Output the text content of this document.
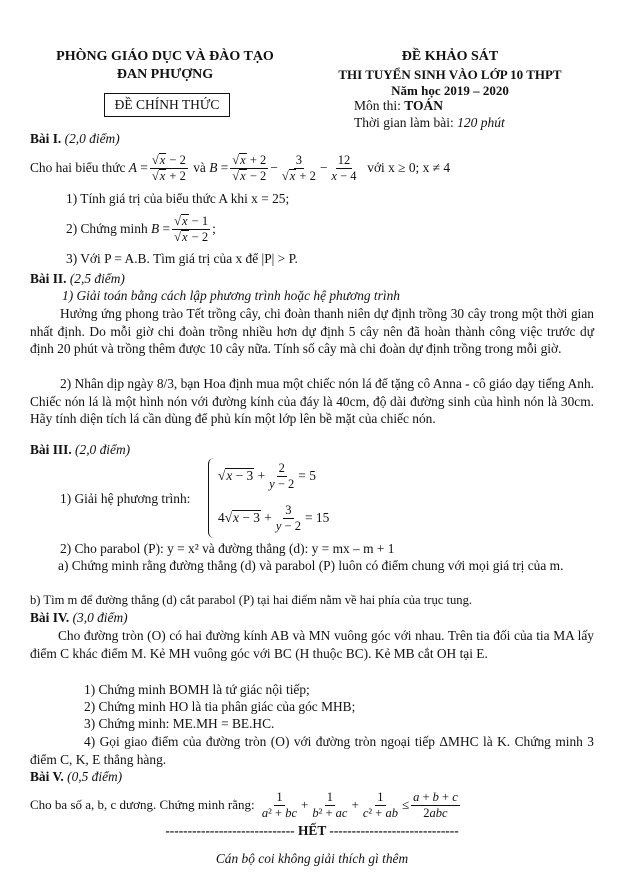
PHÒNG GIÁO DỤC VÀ ĐÀO TẠO
ĐAN PHƯỢNG
ĐỀ CHÍNH THỨC
ĐỀ KHẢO SÁT
THI TUYỂN SINH VÀO LỚP 10 THPT
Năm học 2019 – 2020
Môn thi: TOÁN
Thời gian làm bài: 120 phút
Bài I. (2,0 điểm)
Cho hai biểu thức
$A = \frac{√x - 2}{√x + 2}$ và $B = \frac{√x + 2}{√x - 2} - \frac{3}{√x + 2} - \frac{12}{x - 4}$
với x ≥ 0; x ≠ 4
1) Tính giá trị của biểu thức A khi x = 25;
2) Chứng minh
$B = \frac{√x - 1}{√x - 2}$ ;
3) Với P = A.B. Tìm giá trị của x để |P| > P.
Bài II. (2,5 điểm)
1) Giải toán bằng cách lập phương trình hoặc hệ phương trình
Hưởng ứng phong trào Tết trồng cây, chi đoàn thanh niên dự định trồng 30 cây trong một thời gian nhất định. Do mỗi giờ chi đoàn trồng nhiều hơn dự định 5 cây nên đã hoàn thành công việc trước dự định 20 phút và trồng thêm được 10 cây nữa. Tính số cây mà chi đoàn dự định trồng trong mỗi giờ.
2) Nhân dịp ngày 8/3, bạn Hoa định mua một chiếc nón lá để tặng cô Anna - cô giáo dạy tiếng Anh. Chiếc nón lá là một hình nón với đường kính của đáy là 40cm, độ dài đường sinh của hình nón là 30cm. Hãy tính diện tích lá cần dùng để phủ kín một lớp lên bề mặt của chiếc nón.
Bài III. (2,0 điểm)
1) Giải hệ phương trình:
√ $x - 3 + \frac{2}{y - 2} = 5$
4√ $x - 3 + \frac{3}{y - 2} = 15$
2) Cho parabol (P): y = x² và đường thẳng (d): y = mx – m + 1
a) Chứng minh rằng đường thẳng (d) và parabol (P) luôn có điểm chung với mọi giá trị của m.
b) Tìm m để đường thẳng (d) cắt parabol (P) tại hai điểm nằm về hai phía của trục tung.
Bài IV. (3,0 điểm)
Cho đường tròn (O) có hai đường kính AB và MN vuông góc với nhau. Trên tia đối của tia MA lấy điểm C khác điểm M. Kẻ MH vuông góc với BC (H thuộc BC). Kẻ MB cắt OH tại E.
1) Chứng minh BOMH là tứ giác nội tiếp;
2) Chứng minh HO là tia phân giác của góc MHB;
3) Chứng minh: ME.MH = BE.HC.
4) Gọi giao điểm của đường tròn (O) với đường tròn ngoại tiếp ΔMHC là K. Chứng minh 3 điểm C, K, E thẳng hàng.
Bài V. (0,5 điểm)
Cho ba số a, b, c dương. Chứng minh rằng:
$\frac{1}{\text{a² + bc}} + \frac{1}{\text{b² + ac}} + \frac{1}{\text{c² + ab}} \le \frac{a + b + c}{\text{2abc}}$
----------------------------- HẾT -----------------------------
Cán bộ coi không giải thích gì thêm
